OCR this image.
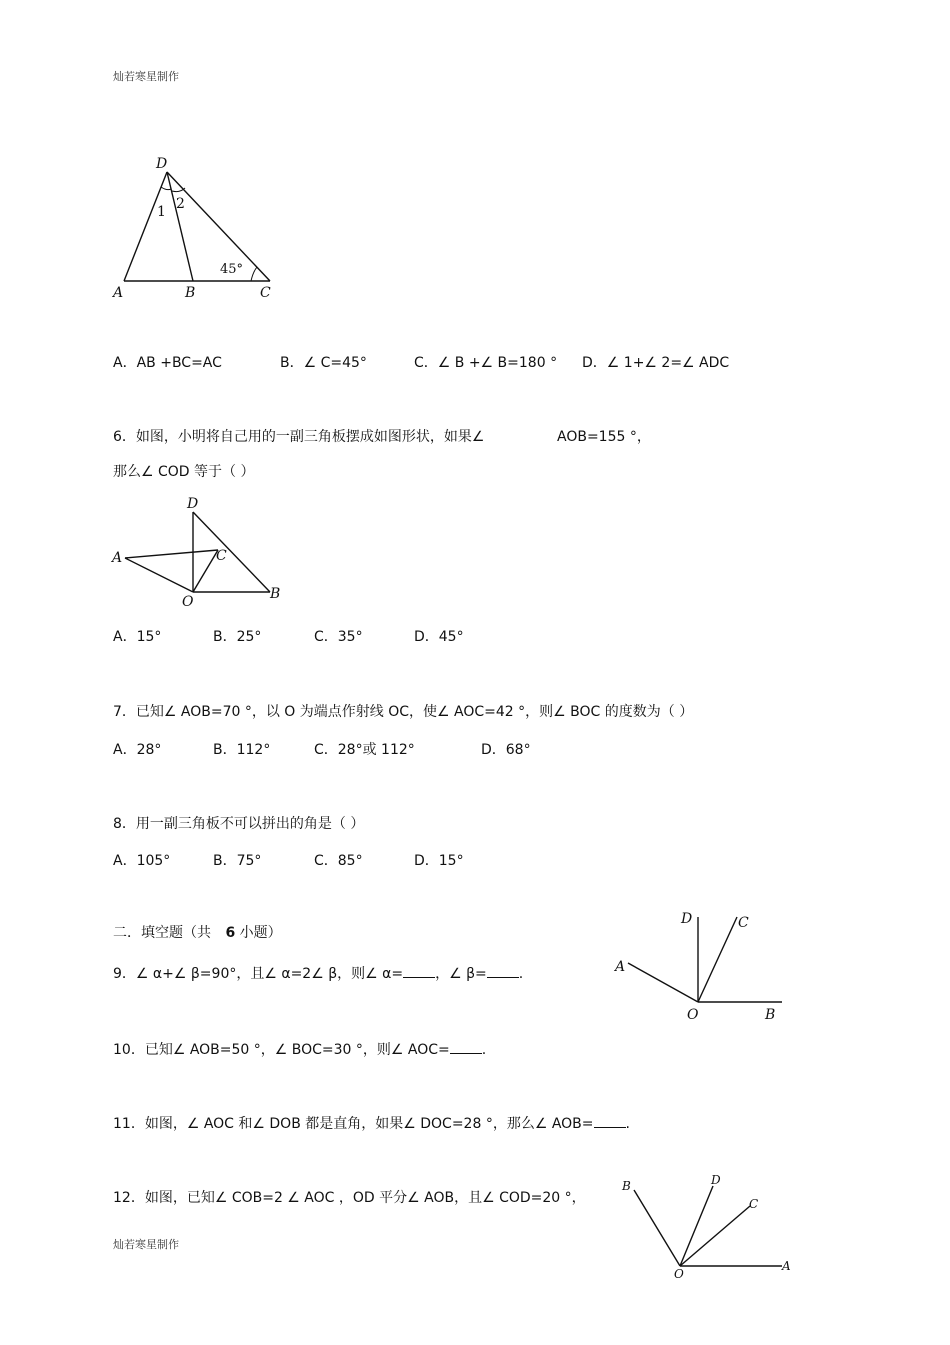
灿若寒星制作
D
A	B	C
1 2
45°
A．AB +BC=AC	B．∠ C=45°	C．∠ B +∠ B=180 ° D．∠ 1+∠ 2=∠ ADC
6．如图，小明将自己用的一副三角板摆成如图形状，如果∠	AOB=155 °，
那么∠ COD 等于（ ）
D
A	C
O	B
A．15°	B．25°	C．35°	D．45°
7．已知∠ AOB=70 °，以 O 为端点作射线 OC，使∠ AOC=42 °，则∠ BOC 的度数为（ ）
A．28°	B．112°	C．28°或 112°	D．68°
8．用一副三角板不可以拼出的角是（ ）
A．105°	B．75°	C．85°	D．15°
二．填空题（共 6 小题）
D	C
A
O	B
9．∠ α+∠ β=90°，且∠ α=2∠ β，则∠ α= ，∠ β= .
10．已知∠ AOB=50 °，∠ BOC=30 °，则∠ AOC= .
11．如图，∠ AOC 和∠ DOB 都是直角，如果∠ DOC=28 °，那么∠ AOB= .
12．如图，已知∠ COB=2 ∠ AOC ，OD 平分∠ AOB，且∠ COD=20 °，
B	D
C
O
A
灿若寒星制作
